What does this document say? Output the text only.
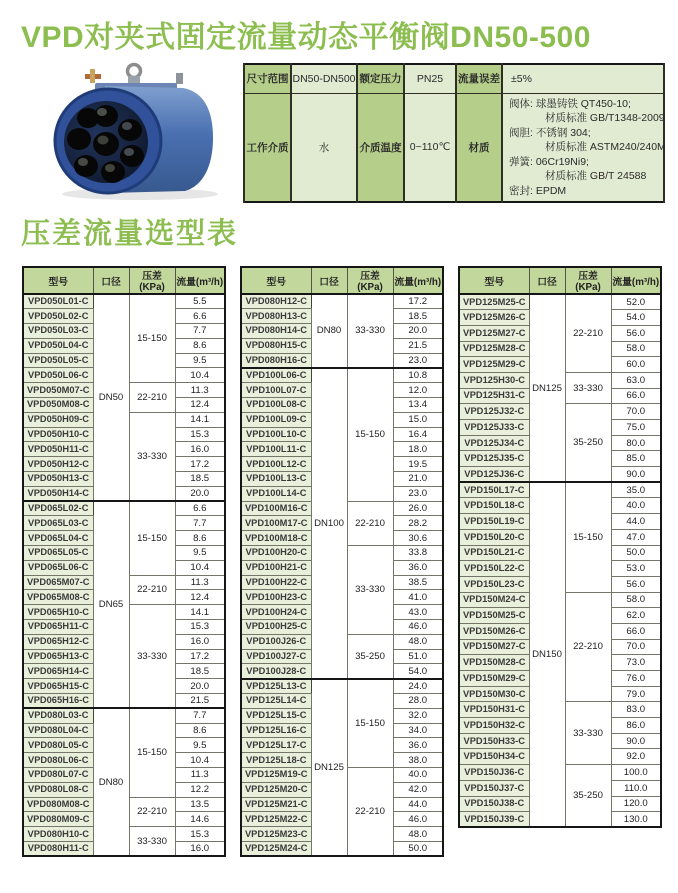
VPD对夹式固定流量动态平衡阀DN50-500
尺寸范围	DN50-DN500	额定压力	PN25	流量误差	±5%
工作介质	水	介质温度	0~110℃	材质	
阀体: 球墨铸铁 QT450-10;
材质标准 GB/T1348-2009
阀胆: 不锈钢 304;
材质标准 ASTM240/240M
弹簧: 06Cr19Ni9;
材质标准 GB/T 24588
密封: EPDM
压差流量选型表
型号	口径	压差(KPa)	流量(m³/h)
VPD050L01-C	DN50	15-150	5.5
VPD050L02-C			6.6
VPD050L03-C			7.7
VPD050L04-C			8.6
VPD050L05-C			9.5
VPD050L06-C			10.4
VPD050M07-C		22-210	11.3
VPD050M08-C			12.4
VPD050H09-C		33-330	14.1
VPD050H10-C			15.3
VPD050H11-C			16.0
VPD050H12-C			17.2
VPD050H13-C			18.5
VPD050H14-C			20.0
VPD065L02-C	DN65	15-150	6.6
VPD065L03-C			7.7
VPD065L04-C			8.6
VPD065L05-C			9.5
VPD065L06-C			10.4
VPD065M07-C		22-210	11.3
VPD065M08-C			12.4
VPD065H10-C		33-330	14.1
VPD065H11-C			15.3
VPD065H12-C			16.0
VPD065H13-C			17.2
VPD065H14-C			18.5
VPD065H15-C			20.0
VPD065H16-C			21.5
VPD080L03-C	DN80	15-150	7.7
VPD080L04-C			8.6
VPD080L05-C			9.5
VPD080L06-C			10.4
VPD080L07-C			11.3
VPD080L08-C			12.2
VPD080M08-C		22-210	13.5
VPD080M09-C			14.6
VPD080H10-C		33-330	15.3
VPD080H11-C			16.0
型号	口径	压差(KPa)	流量(m³/h)
VPD080H12-C	DN80	33-330	17.2
VPD080H13-C			18.5
VPD080H14-C			20.0
VPD080H15-C			21.5
VPD080H16-C			23.0
VPD100L06-C	DN100	15-150	10.8
VPD100L07-C			12.0
VPD100L08-C			13.4
VPD100L09-C			15.0
VPD100L10-C			16.4
VPD100L11-C			18.0
VPD100L12-C			19.5
VPD100L13-C			21.0
VPD100L14-C			23.0
VPD100M16-C		22-210	26.0
VPD100M17-C			28.2
VPD100M18-C			30.6
VPD100H20-C		33-330	33.8
VPD100H21-C			36.0
VPD100H22-C			38.5
VPD100H23-C			41.0
VPD100H24-C			43.0
VPD100H25-C			46.0
VPD100J26-C		35-250	48.0
VPD100J27-C			51.0
VPD100J28-C			54.0
VPD125L13-C	DN125	15-150	24.0
VPD125L14-C			28.0
VPD125L15-C			32.0
VPD125L16-C			34.0
VPD125L17-C			36.0
VPD125L18-C			38.0
VPD125M19-C		22-210	40.0
VPD125M20-C			42.0
VPD125M21-C			44.0
VPD125M22-C			46.0
VPD125M23-C			48.0
VPD125M24-C			50.0
型号	口径	压差(KPa)	流量(m³/h)
VPD125M25-C	DN125	22-210	52.0
VPD125M26-C			54.0
VPD125M27-C			56.0
VPD125M28-C			58.0
VPD125M29-C			60.0
VPD125H30-C		33-330	63.0
VPD125H31-C			66.0
VPD125J32-C		35-250	70.0
VPD125J33-C			75.0
VPD125J34-C			80.0
VPD125J35-C			85.0
VPD125J36-C			90.0
VPD150L17-C	DN150	15-150	35.0
VPD150L18-C			40.0
VPD150L19-C			44.0
VPD150L20-C			47.0
VPD150L21-C			50.0
VPD150L22-C			53.0
VPD150L23-C			56.0
VPD150M24-C		22-210	58.0
VPD150M25-C			62.0
VPD150M26-C			66.0
VPD150M27-C			70.0
VPD150M28-C			73.0
VPD150M29-C			76.0
VPD150M30-C			79.0
VPD150H31-C		33-330	83.0
VPD150H32-C			86.0
VPD150H33-C			90.0
VPD150H34-C			92.0
VPD150J36-C		35-250	100.0
VPD150J37-C			110.0
VPD150J38-C			120.0
VPD150J39-C			130.0
